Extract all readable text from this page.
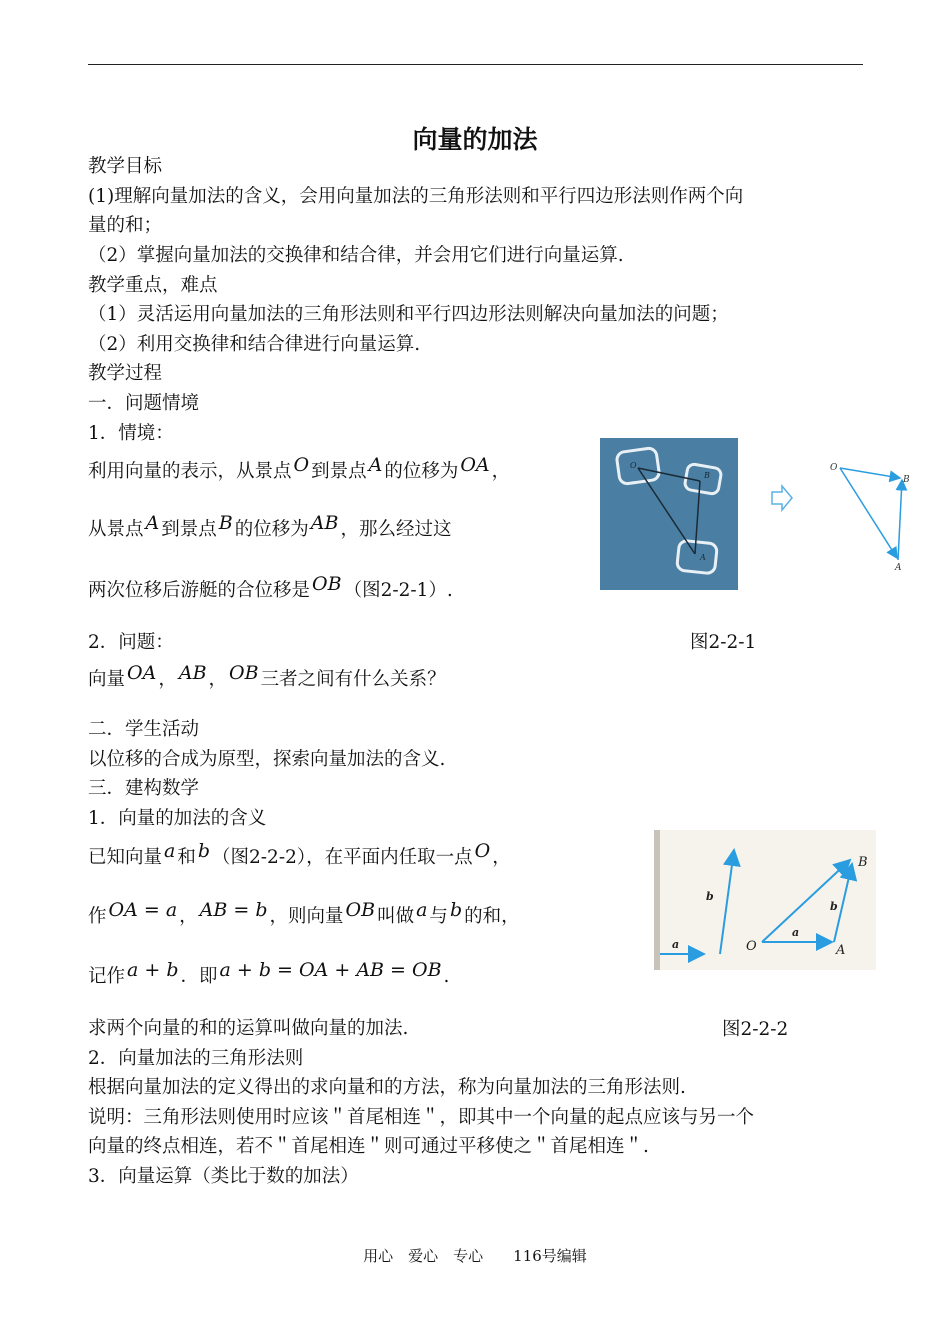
向量的加法
教学目标
(1)理解向量加法的含义，会用向量加法的三角形法则和平行四边形法则作两个向
量的和；
（2）掌握向量加法的交换律和结合律，并会用它们进行向量运算.
教学重点，难点
（1）灵活运用向量加法的三角形法则和平行四边形法则解决向量加法的问题；
（2）利用交换律和结合律进行向量运算.
教学过程
一．问题情境
1．情境：
利用向量的表示，从景点 O 到景点 A 的位移为 OA ，
从景点 A 到景点 B 的位移为 AB ，那么经过这
两次位移后游艇的合位移是 OB （图2-2-1）.
2．问题：
向量 OA ， AB ， OB 三者之间有什么关系？
二．学生活动
以位移的合成为原型，探索向量加法的含义.
三．建构数学
1．向量的加法的含义
已知向量 a 和 b （图2-2-2），在平面内任取一点 O ，
作 OA = a ， AB = b ，则向量 OB 叫做 a 与 b 的和，
记作 a + b ．即 a + b = OA + AB = OB .
求两个向量的和的运算叫做向量的加法.
2．向量加法的三角形法则
根据向量加法的定义得出的求向量和的方法，称为向量加法的三角形法则.
说明：三角形法则使用时应该＂首尾相连＂，即其中一个向量的起点应该与另一个
向量的终点相连，若不＂首尾相连＂则可通过平移使之＂首尾相连＂.
3．向量运算（类比于数的加法）
O
A
B
O
A
B
图2-2-1
a
b
O	A
B
a
b
图2-2-2
用心　爱心　专心　　116号编辑
